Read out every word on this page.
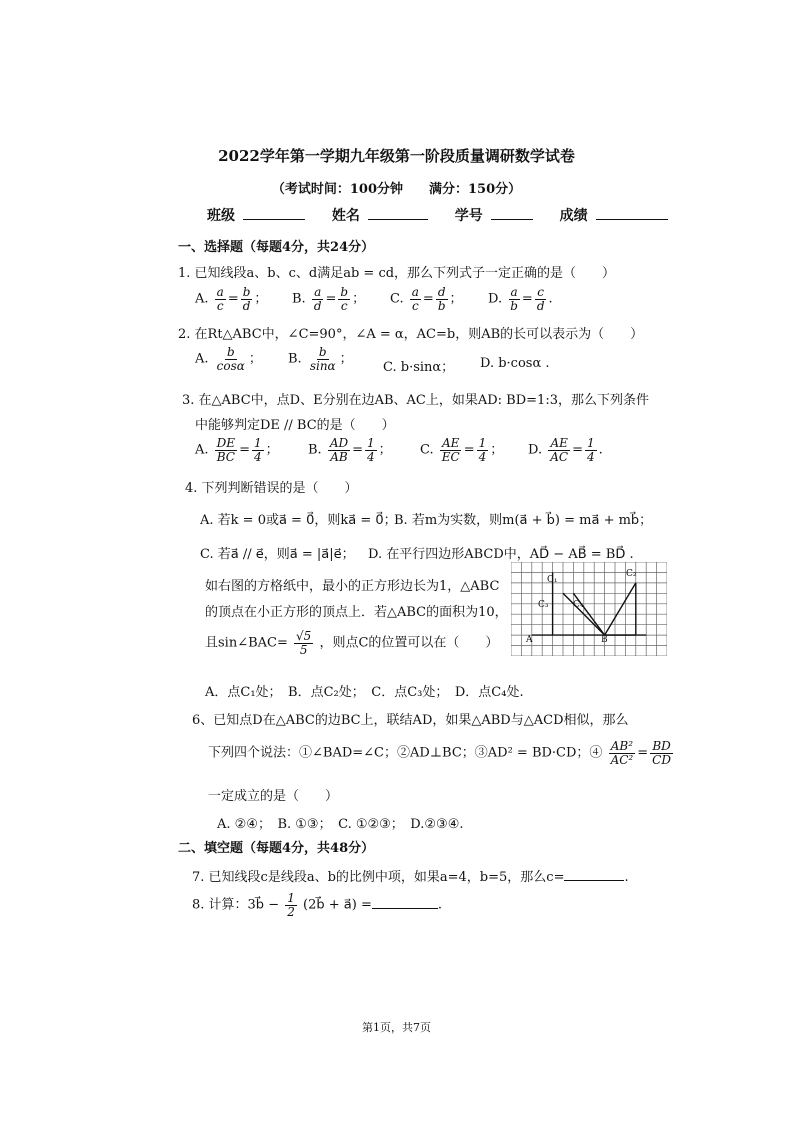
2022学年第一学期九年级第一阶段质量调研数学试卷
（考试时间：100分钟　　满分：150分）
班级	姓名	学号	成绩
一、选择题（每题4分，共24分）
1. 已知线段a、b、c、d满足ab = cd，那么下列式子一定正确的是（　　）
A. $\frac{a}{c} = \frac{b}{d}$ ； B. $\frac{a}{d} = \frac{b}{c}$ ； C. $\frac{a}{c} = \frac{d}{b}$ ； D. $\frac{a}{b} = \frac{c}{d}$ .
2. 在Rt△ABC中，∠C=90°，∠A = α，AC=b，则AB的长可以表示为（　　）
A. $\frac{b}{\cos\alpha}$ ； B. $\frac{b}{\sin\alpha}$ ；
C. b·sinα； D. b·cosα .
3. 在△ABC中，点D、E分别在边AB、AC上，如果AD: BD=1:3，那么下列条件
中能够判定DE // BC的是（　　）
A. $\frac{DE}{BC} = \frac{1}{4}$ ； B. $\frac{AD}{AB} = \frac{1}{4}$ ； C. $\frac{AE}{EC} = \frac{1}{4}$ ； D. $\frac{AE}{AC} = \frac{1}{4}$ .
4. 下列判断错误的是（　　）
A. 若k = 0或a⃗ = 0⃗，则ka⃗ = 0⃗；
B. 若m为实数，则m(a⃗ + b⃗) = ma⃗ + mb⃗；
C. 若a⃗ // e⃗，则a⃗ = |a⃗|e⃗； D. 在平行四边形ABCD中，AD⃗ − AB⃗ = BD⃗ .
如右图的方格纸中，最小的正方形边长为1，△ABC
的顶点在小正方形的顶点上．若△ABC的面积为10，
且sin∠BAC= $\frac{√5}{5}$ ，则点C的位置可以在（　　）
C₁
C₂
C₃	C₄
A	B
A．点C₁处；　B．点C₂处；　C．点C₃处；　D．点C₄处.
6、已知点D在△ABC的边BC上，联结AD，如果△ABD与△ACD相似，那么
下列四个说法：①∠BAD=∠C；②AD⊥BC；③AD² = BD·CD；④ $\frac{\text{AB²}}{\text{AC²}} = \frac{BD}{CD}$
一定成立的是（　　）
A. ②④；　B. ①③；　C. ①②③；　D.②③④.
二、填空题（每题4分，共48分）
7. 已知线段c是线段a、b的比例中项，如果a=4，b=5，那么c=	.
8. 计算：3b⃗ − $\frac{1}{2}$ (2b⃗ + a⃗) =	.
第1页，共7页
